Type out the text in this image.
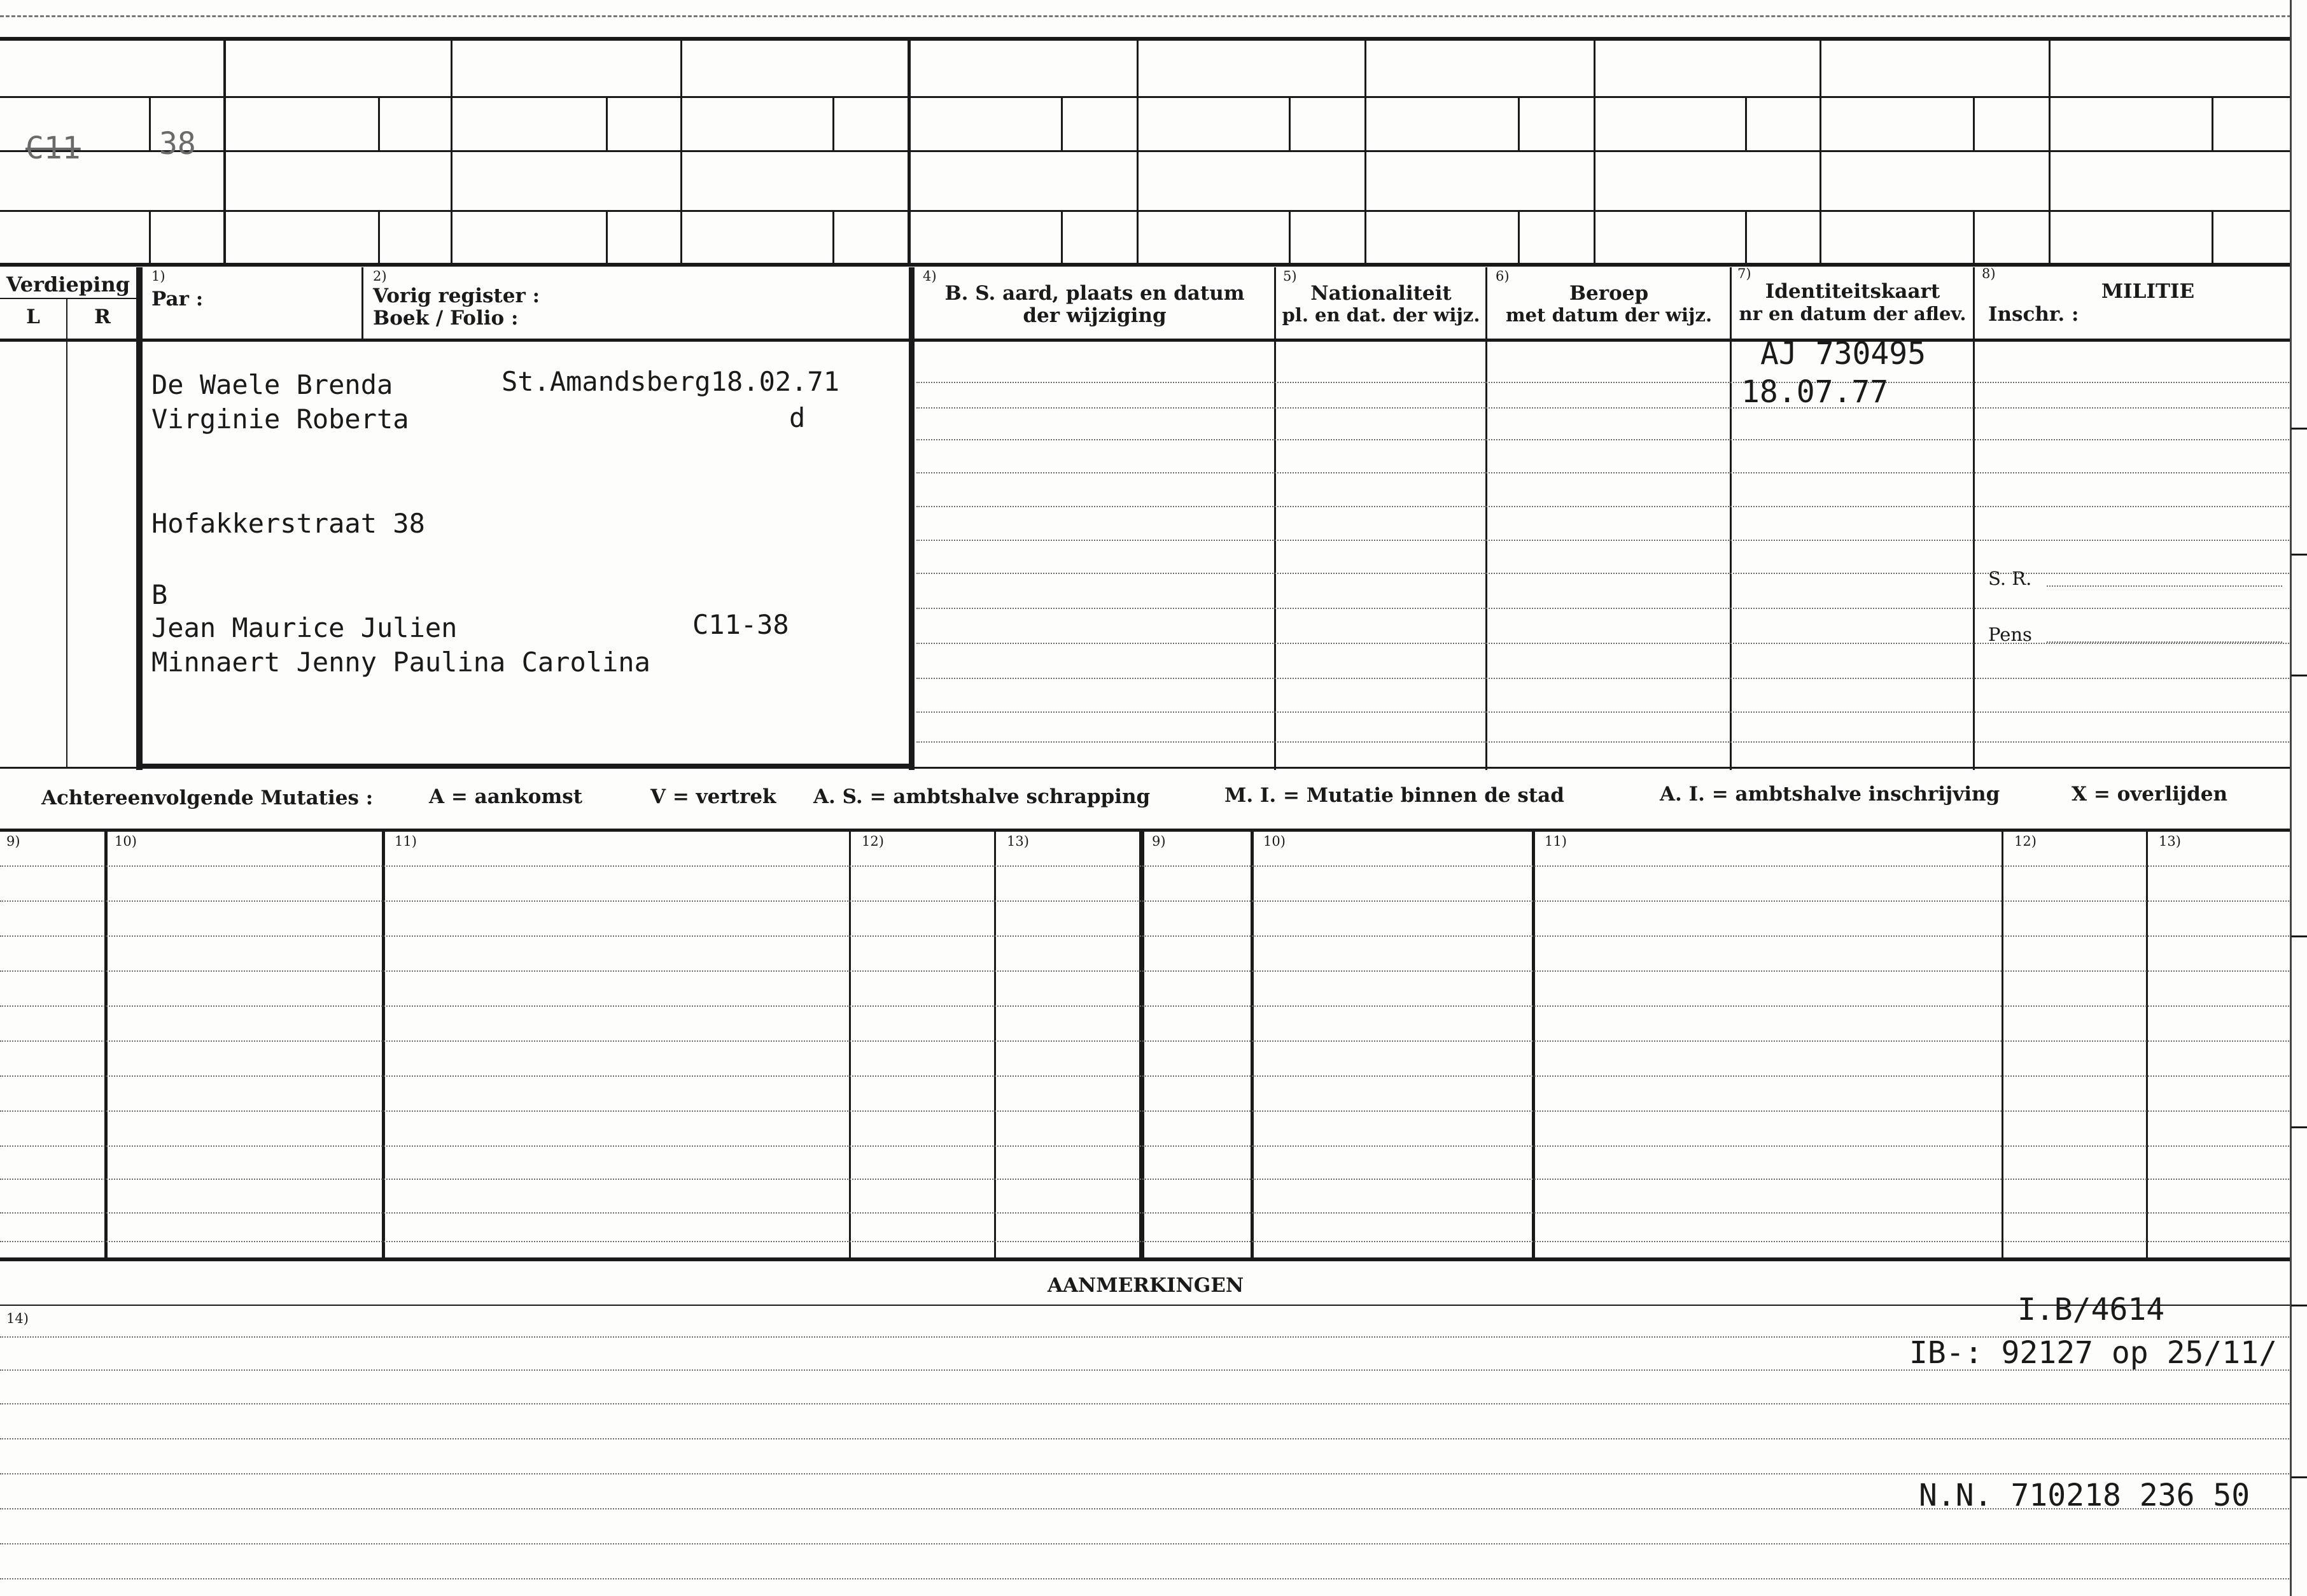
C11	38
Verdieping
L	R
1)
Par :
2)
Vorig register :
Boek / Folio :
4)
B. S. aard, plaats en datum
der wijziging
5)
Nationaliteit
pl. en dat. der wijz.
6)
Beroep
met datum der wijz.
7)
Identiteitskaart
nr en datum der aflev.
8)
MILITIE
Inschr. :
De Waele Brenda	St.Amandsberg18.02.71
Virginie Roberta	d
Hofakkerstraat 38
B
Jean Maurice Julien	C11-38
Minnaert Jenny Paulina Carolina
AJ 730495
18.07.77
S. R.
Pens
Achtereenvolgende Mutaties :	A = aankomst	V = vertrek A. S. = ambtshalve schrapping	M. I. = Mutatie binnen de stad	A. I. = ambtshalve inschrijving	X = overlijden
9)	10)	11)	12)	13)	9)	10)	11)	12)	13)
AANMERKINGEN
14)	I.B/4614
IB-: 92127 op 25/11/
N.N. 710218 236 50
